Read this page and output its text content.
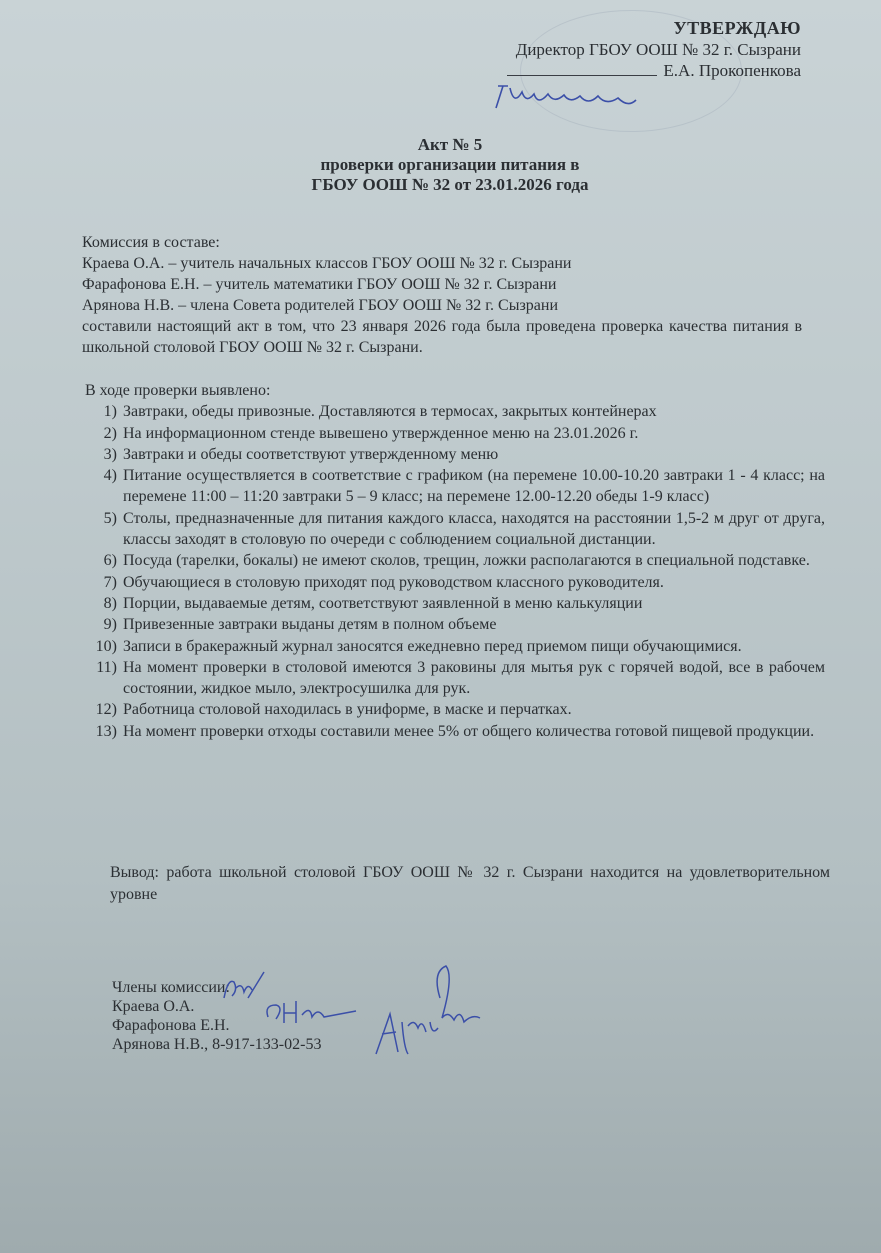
УТВЕРЖДАЮ
Директор ГБОУ ООШ № 32 г. Сызрани
Е.А. Прокопенкова
Акт № 5
проверки организации питания в
ГБОУ ООШ № 32 от 23.01.2026 года

Комиссия в составе:

Краева О.А. – учитель начальных классов ГБОУ ООШ № 32 г. Сызрани

Фарафонова Е.Н. – учитель математики ГБОУ ООШ № 32 г. Сызрани

Арянова Н.В. – члена Совета родителей ГБОУ ООШ № 32 г. Сызрани

составили настоящий акт в том, что 23 января 2026 года была проведена проверка качества питания в школьной столовой ГБОУ ООШ № 32 г. Сызрани.

В ходе проверки выявлено:

1) Завтраки, обеды привозные. Доставляются в термосах, закрытых контейнерах
2) На информационном стенде вывешено утвержденное меню на 23.01.2026 г.
3) Завтраки и обеды соответствуют утвержденному меню
4) Питание осуществляется в соответствие с графиком (на перемене 10.00-10.20 завтраки 1 - 4 класс; на перемене 11:00 – 11:20 завтраки 5 – 9 класс; на перемене 12.00-12.20 обеды 1-9 класс)
5) Столы, предназначенные для питания каждого класса, находятся на расстоянии 1,5-2 м друг от друга, классы заходят в столовую по очереди с соблюдением социальной дистанции.
6) Посуда (тарелки, бокалы) не имеют сколов, трещин, ложки располагаются в специальной подставке.
7) Обучающиеся в столовую приходят под руководством классного руководителя.
8) Порции, выдаваемые детям, соответствуют заявленной в меню калькуляции
9) Привезенные завтраки выданы детям в полном объеме
10) Записи в бракеражный журнал заносятся ежедневно перед приемом пищи обучающимися.
11) На момент проверки в столовой имеются 3 раковины для мытья рук с горячей водой, все в рабочем состоянии, жидкое мыло, электросушилка для рук.
12) Работница столовой находилась в униформе, в маске и перчатках.
13) На момент проверки отходы составили менее 5% от общего количества готовой пищевой продукции.
Вывод: работа школьной столовой ГБОУ ООШ № 32 г. Сызрани находится на удовлетворительном уровне

Члены комиссии:

Краева О.А.

Фарафонова Е.Н.

Арянова Н.В., 8-917-133-02-53
